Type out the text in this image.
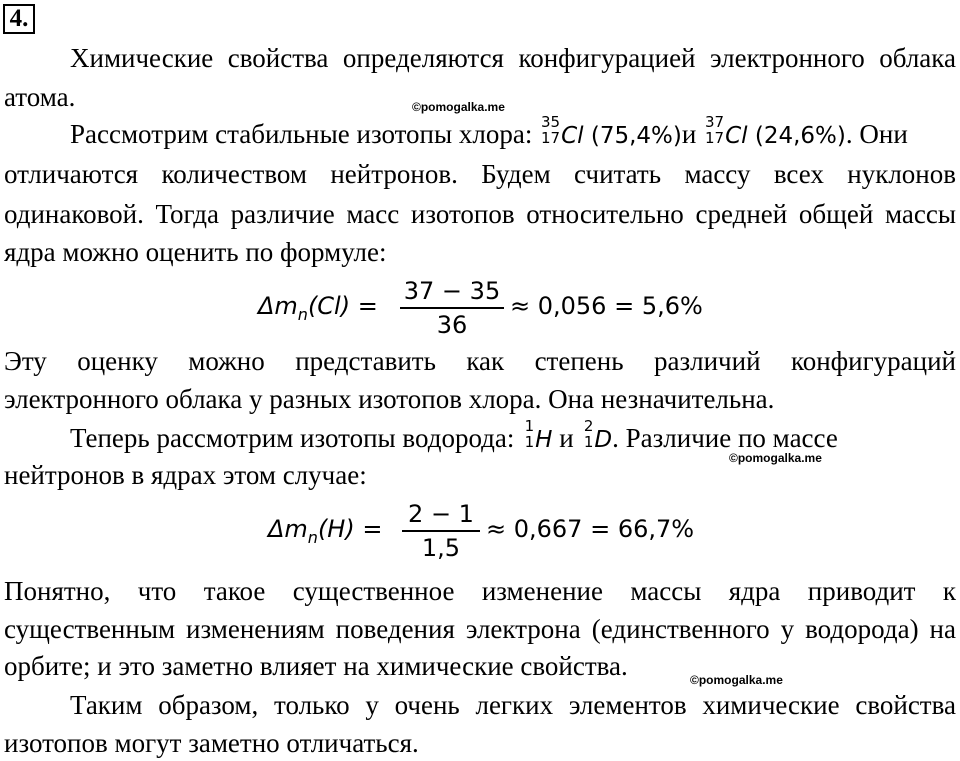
4.
Химические свойства определяются конфигурацией электронного облака
атома.	©pomogalka.me
Рассмотрим стабильные изотопы хлора: 35
17 Cl (75,4%)и 37
17 Cl (24,6%). Они
отличаются количеством нейтронов. Будем считать массу всех нуклонов
одинаковой. Тогда различие масс изотопов относительно средней общей массы
ядра можно оценить по формуле:
$\Delta m_n(Cl)$ =
37 − 35
36
≈ 0,056 = 5,6%
Эту оценку можно представить как степень различий конфигураций
электронного облака у разных изотопов хлора. Она незначительна.
Теперь рассмотрим изотопы водорода: 1
1 H и 2
1 D. Различие по массе
©pomogalka.me
нейтронов в ядрах этом случае:
$\Delta m_n(H)$ =
2 − 1
1,5
≈ 0,667 = 66,7%
Понятно, что такое существенное изменение массы ядра приводит к
существенным изменениям поведения электрона (единственного у водорода) на
орбите; и это заметно влияет на химические свойства.	©pomogalka.me
Таким образом, только у очень легких элементов химические свойства
изотопов могут заметно отличаться.
